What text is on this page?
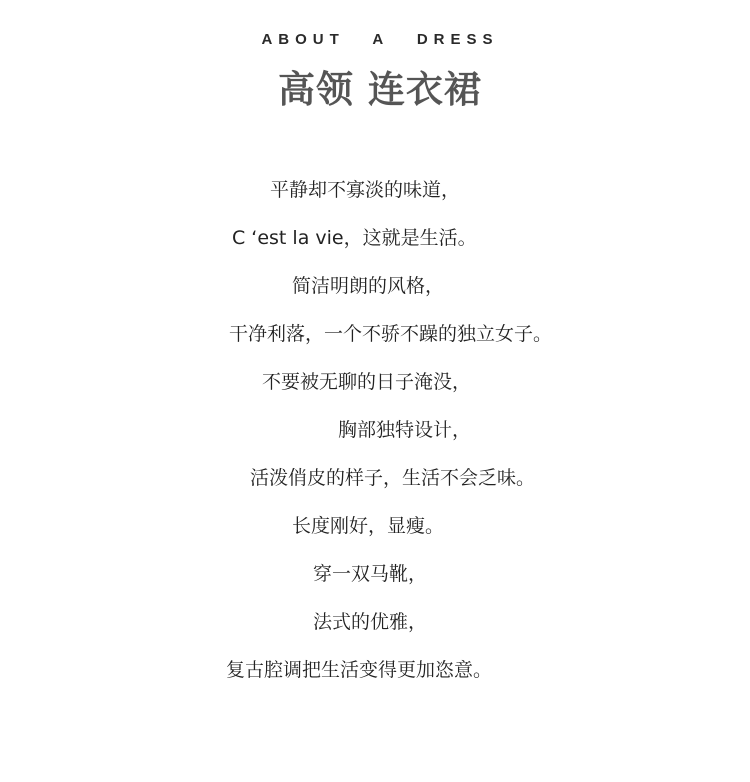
ABOUT A DRESS
高领 连衣裙
平静却不寡淡的味道，
C ‘est la vie，这就是生活。
简洁明朗的风格，
干净利落，一个不骄不躁的独立女子。
不要被无聊的日子淹没，
胸部独特设计，
活泼俏皮的样子，生活不会乏味。
长度刚好，显瘦。
穿一双马靴，
法式的优雅，
复古腔调把生活变得更加恣意。
